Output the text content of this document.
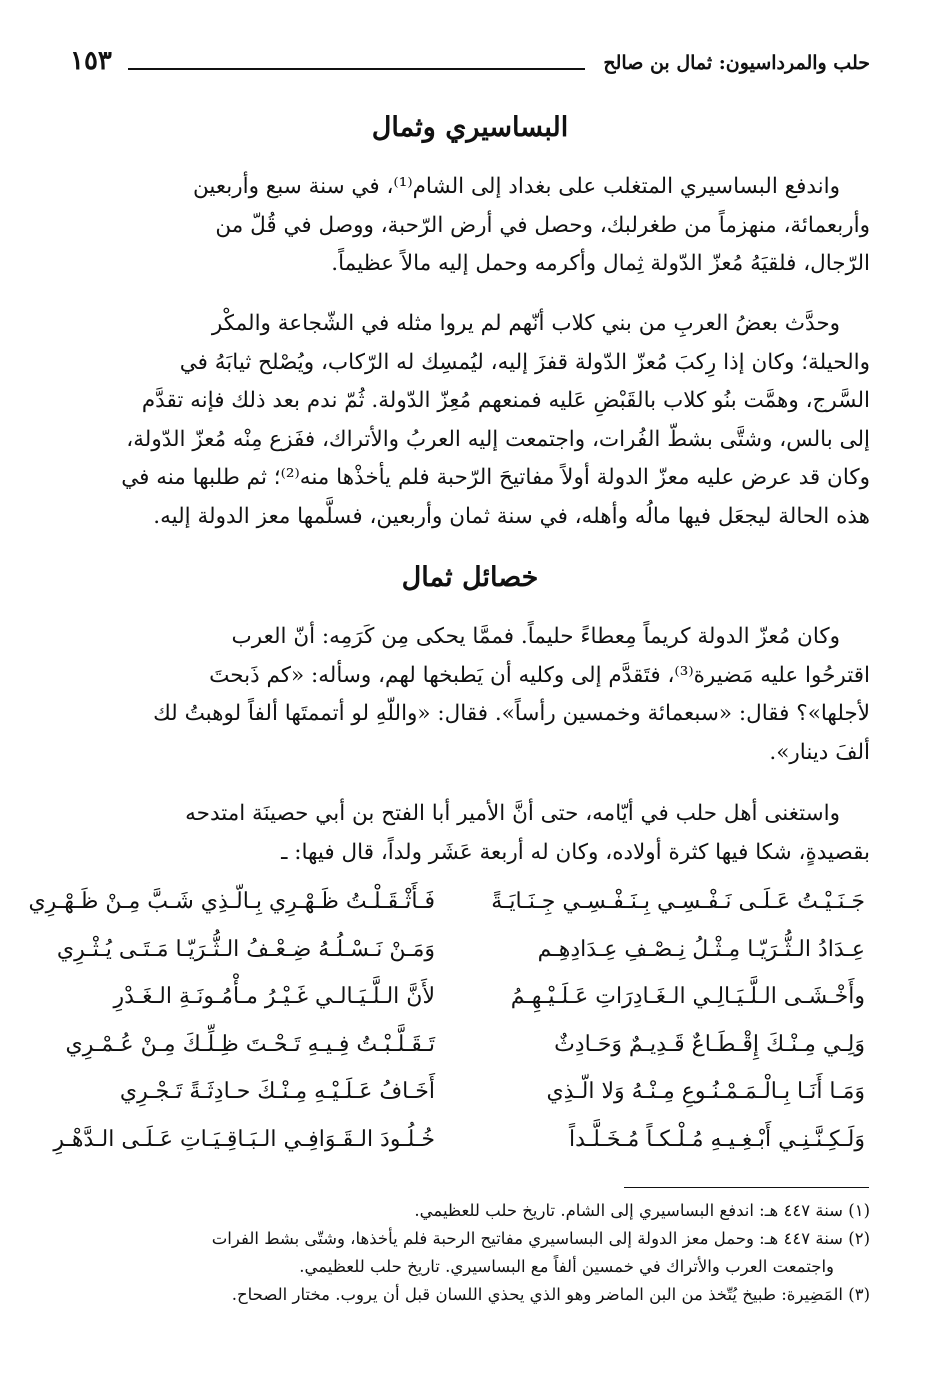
حلب والمرداسيون: ثمال بن صالح
١٥٣
البساسيري وثمال
واندفع البساسيري المتغلب على بغداد إلى الشام⁽¹⁾، في سنة سبع وأربعين
وأربعمائة، منهزماً من طغرلبك، وحصل في أرض الرّحبة، ووصل في قُلّ من
الرّجال، فلقيَهُ مُعزّ الدّولة ثِمال وأكرمه وحمل إليه مالاً عظيماً.
وحدَّث بعضُ العربِ من بني كلاب أنّهم لم يروا مثله في الشّجاعة والمكْر
والحيلة؛ وكان إذا رِكبَ مُعزّ الدّولة قفزَ إليه، ليُمسِك له الرّكاب، ويُصْلح ثيابَهُ في
السَّرج، وهمَّت بنُو كلاب بالقَبْضِ عَليه فمنعهم مُعِزّ الدّولة. ثُمّ ندم بعد ذلك فإنه تقدَّم
إلى بالس، وشتَّى بشطّ الفُرات، واجتمعت إليه العربُ والأتراك، ففَزع مِنْه مُعزّ الدّولة،
وكان قد عرض عليه معزّ الدولة أولاً مفاتيحَ الرّحبة فلم يأخذْها منه⁽²⁾؛ ثم طلبها منه في
هذه الحالة ليجعَل فيها مالُه وأهله، في سنة ثمان وأربعين، فسلَّمها معز الدولة إليه.
خصائل ثمال
وكان مُعزّ الدولة كريماً مِعطاءً حليماً. فممَّا يحكى مِن كَرَمِه: أنّ العرب
اقترحُوا عليه مَضيرة⁽³⁾، فتَقدَّم إلى وكليه أن يَطبخها لهم، وسأله: «كم ذَبحتَ
لأجلها»؟ فقال: «سبعمائة وخمسين رأساً». فقال: «واللّهِ لو أتممتَها ألفاً لوهبتُ لك
ألفَ دينار».
واستغنى أهل حلب في أيّامه، حتى أنَّ الأمير أبا الفتح بن أبي حصينَة امتدحه
بقصيدةٍ، شكا فيها كثرة أولاده، وكان له أربعة عَشَر ولداً، قال فيها: ـ
جَـنَـيْـتُ عَـلَـى نَـفْـسِـي بِـنَـفْـسِـي جِـنَـايَـةً
فَـأَثْـقَـلْـتُ ظَـهْـرِي بِـالّـذِي شَـبَّ مِـنْ ظَـهْـرِي
عِـدَادُ الـثُّـرَيّـا مِـثْـلُ نِـصْـفِ عِـدَادِهِـم
وَمَـنْ نَـسْـلُـهُ ضِـعْـفُ الـثُّـرَيّـا مَـتَـى يُـثْـرِي
وأَخْـشَـى الـلَّـيَـالِـي الـغَـادِرَاتِ عَـلَـيْـهِـمُ
لأَنَّ الـلَّـيَـالـي غَـيْـرُ مـأْمُـونَـةِ الـغَـدْرِ
وَلِـي مِـنْـكَ إِقْـطَـاعٌ قَـدِيـمٌ وَحَـادِثٌ
تَـقَـلَّـبْـتُ فِـيـهِ تَـحْـتَ ظِـلِّـكَ مِـنْ عُـمْـرِي
وَمَـا أَنَـا بِـالْـمَـمْـنُـوعِ مِـنْـهُ وَلا الّـذِي
أَخَـافُ عَـلَـيْـهِ مِـنْـكَ حـادِثَـةً تَـجْـرِي
وَلَـكِـنَّـنِـي أَبْـغِـيـهِ مُـلْـكـاً مُـخَـلَّـداً
خُـلُـودَ الـقَـوَافِـي الـبَـاقِـيَـاتِ عَـلَـى الـدَّهْـرِ
(١) سنة ٤٤٧ هـ: اندفع البساسيري إلى الشام. تاريخ حلب للعظيمي.
(٢) سنة ٤٤٧ هـ: وحمل معز الدولة إلى البساسيري مفاتيح الرحبة فلم يأخذها، وشتّى بشط الفرات
واجتمعت العرب والأتراك في خمسين ألفاً مع البساسيري. تاريخ حلب للعظيمي.
(٣) المَضِيرة: طبيخ يُتّخذ من البن الماضر وهو الذي يحذي اللسان قبل أن يروب. مختار الصحاح.
